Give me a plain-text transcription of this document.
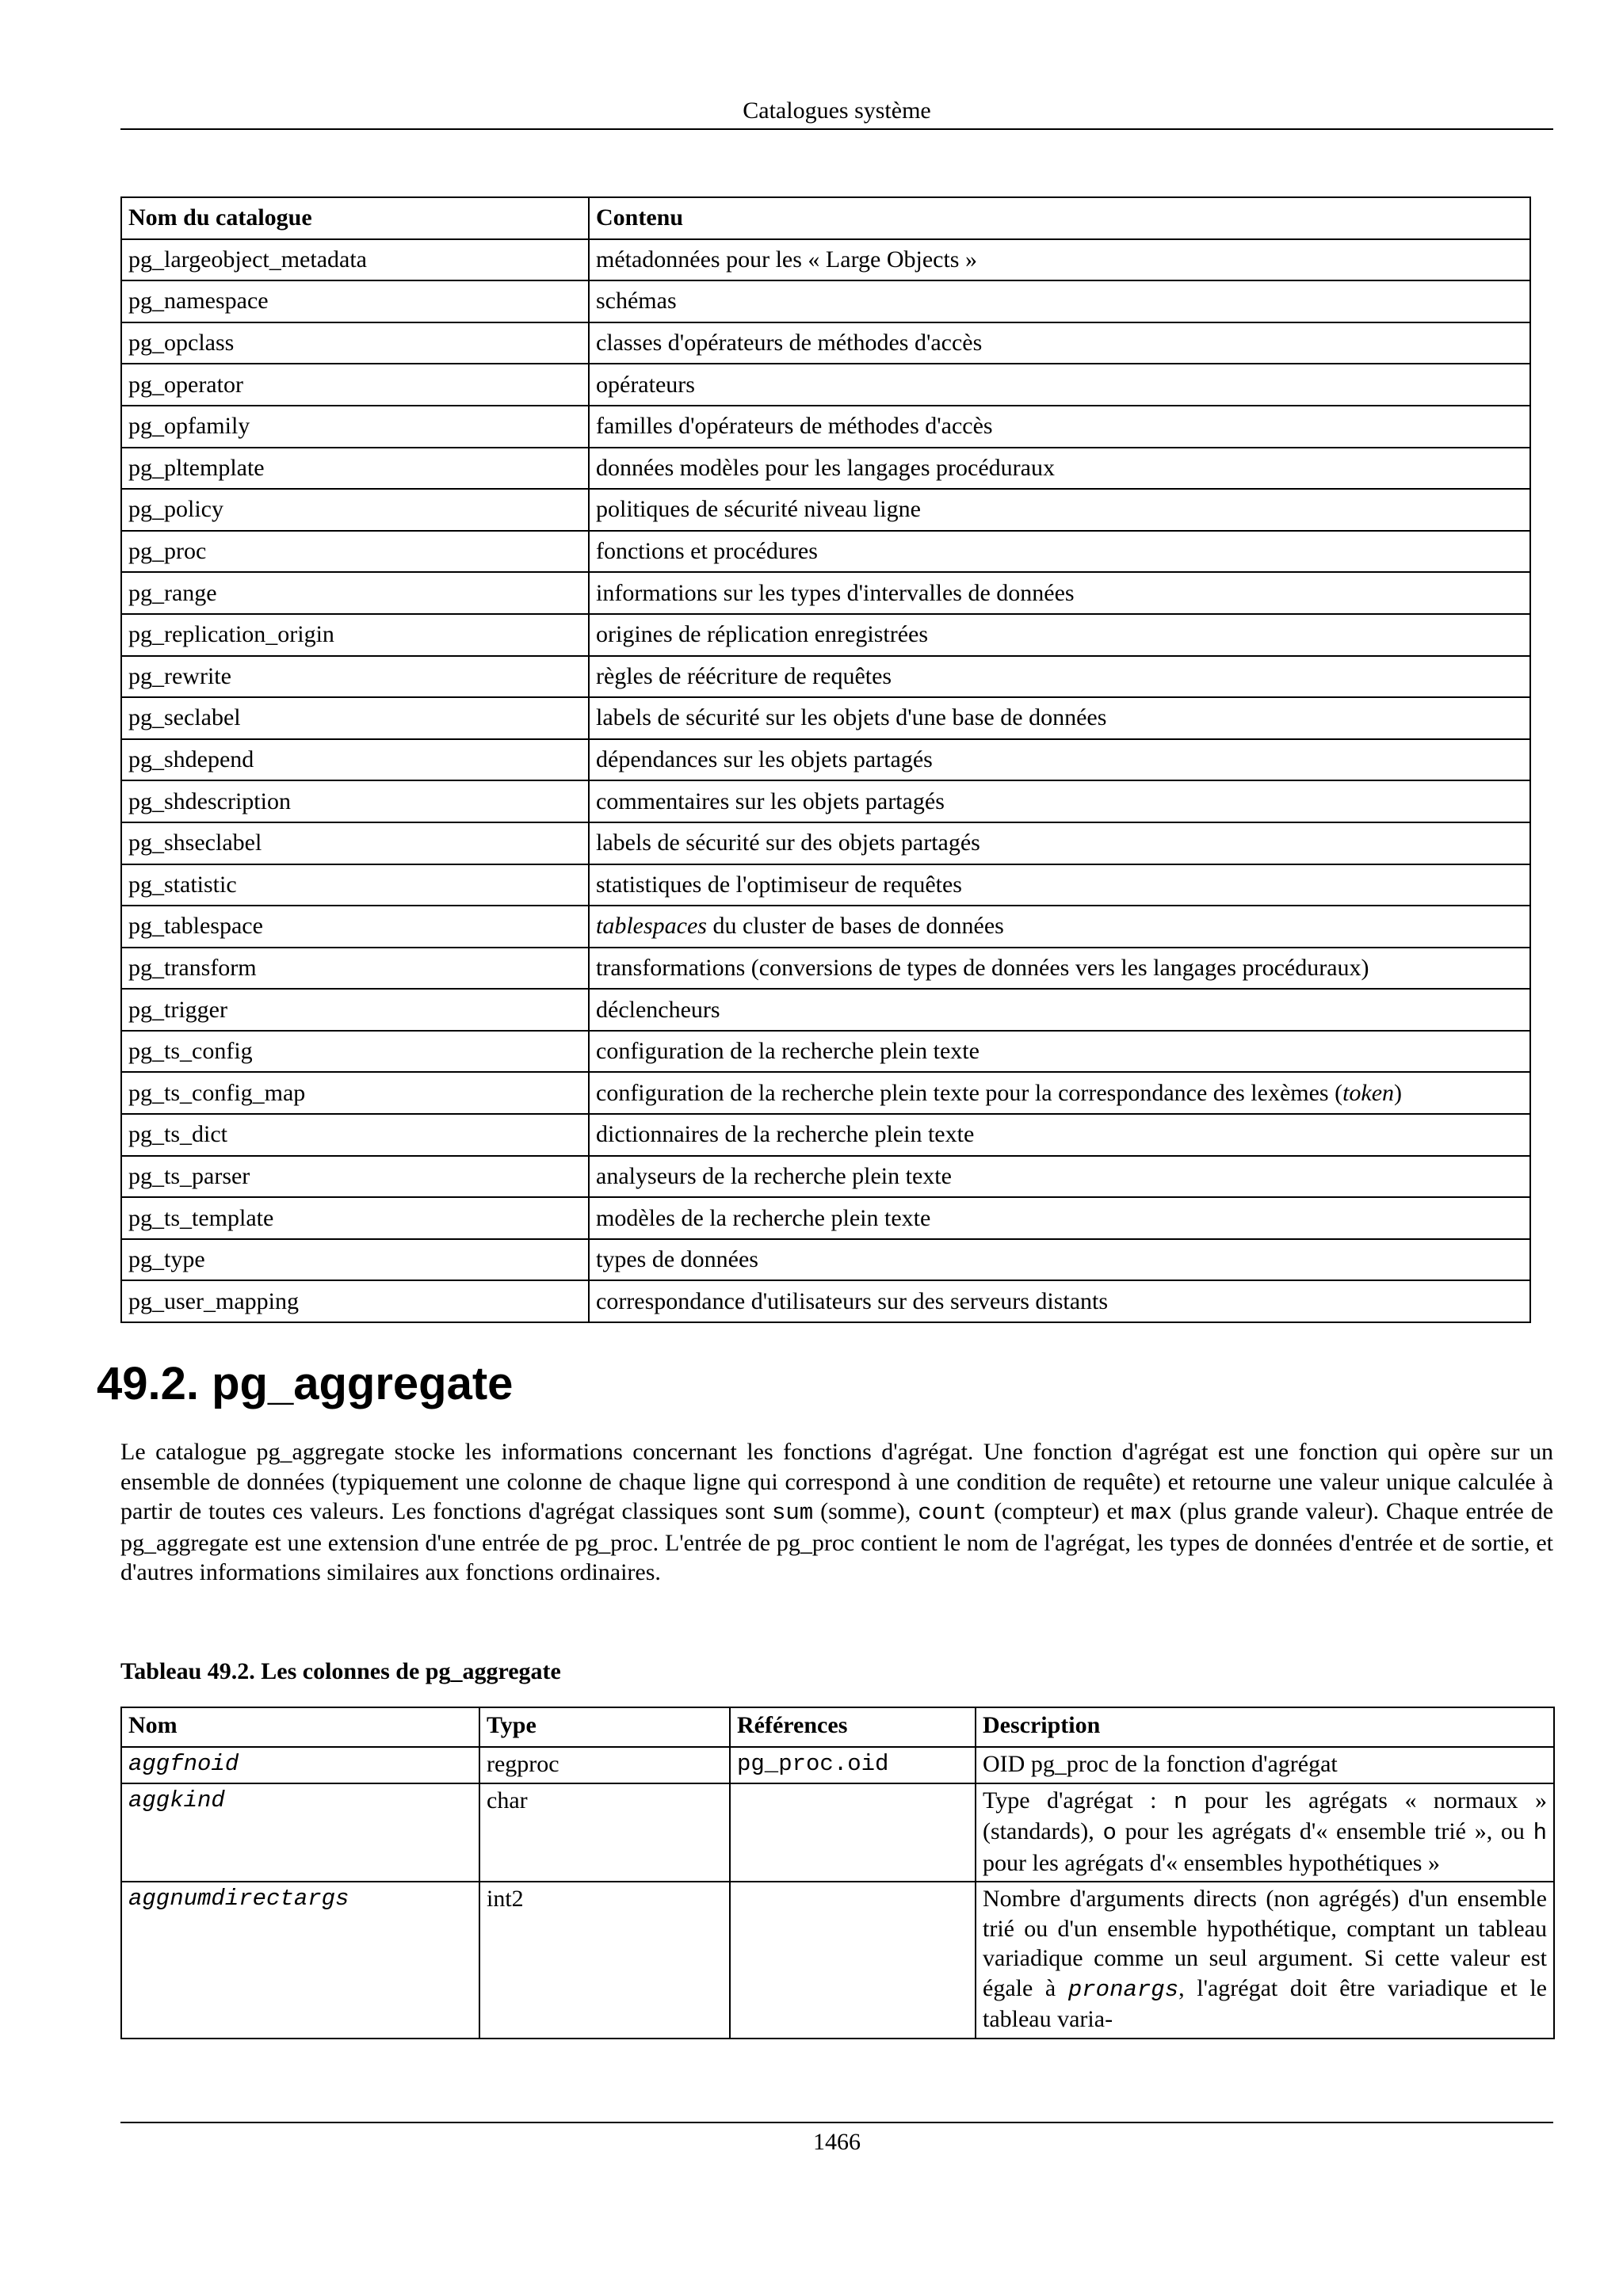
Catalogues système
Nom du catalogue	Contenu
pg_largeobject_metadata	métadonnées pour les « Large Objects »
pg_namespace	schémas
pg_opclass	classes d'opérateurs de méthodes d'accès
pg_operator	opérateurs
pg_opfamily	familles d'opérateurs de méthodes d'accès
pg_pltemplate	données modèles pour les langages procéduraux
pg_policy	politiques de sécurité niveau ligne
pg_proc	fonctions et procédures
pg_range	informations sur les types d'intervalles de données
pg_replication_origin	origines de réplication enregistrées
pg_rewrite	règles de réécriture de requêtes
pg_seclabel	labels de sécurité sur les objets d'une base de données
pg_shdepend	dépendances sur les objets partagés
pg_shdescription	commentaires sur les objets partagés
pg_shseclabel	labels de sécurité sur des objets partagés
pg_statistic	statistiques de l'optimiseur de requêtes
pg_tablespace	tablespaces du cluster de bases de données
pg_transform	transformations (conversions de types de données vers les langages procéduraux)
pg_trigger	déclencheurs
pg_ts_config	configuration de la recherche plein texte
pg_ts_config_map	configuration de la recherche plein texte pour la correspondance des lexèmes (token)
pg_ts_dict	dictionnaires de la recherche plein texte
pg_ts_parser	analyseurs de la recherche plein texte
pg_ts_template	modèles de la recherche plein texte
pg_type	types de données
pg_user_mapping	correspondance d'utilisateurs sur des serveurs distants
49.2. pg_aggregate

Le catalogue pg_aggregate stocke les informations concernant les fonctions d'agrégat. Une fonction d'agrégat est une fonction qui opère sur un ensemble de données (typiquement une colonne de chaque ligne qui correspond à une condition de requête) et retourne une valeur unique calculée à partir de toutes ces valeurs. Les fonctions d'agrégat classiques sont sum (somme), count (compteur) et max (plus grande valeur). Chaque entrée de pg_aggregate est une extension d'une entrée de pg_proc. L'entrée de pg_proc contient le nom de l'agrégat, les types de données d'entrée et de sortie, et d'autres informations similaires aux fonctions ordinaires.

Tableau 49.2. Les colonnes de pg_aggregate

Nom	Type	Références	Description
aggfnoid	regproc	pg_proc.oid	OID pg_proc de la fonction d'agrégat
aggkind	char		Type d'agrégat : n pour les agrégats « normaux » (standards), o pour les agrégats d'« ensemble trié », ou h pour les agrégats d'« ensembles hypothétiques »
aggnumdirectargs	int2		Nombre d'arguments directs (non agrégés) d'un ensemble trié ou d'un ensemble hypothétique, comptant un tableau variadique comme un seul argument. Si cette valeur est égale à pronargs, l'agrégat doit être variadique et le tableau varia-
1466
